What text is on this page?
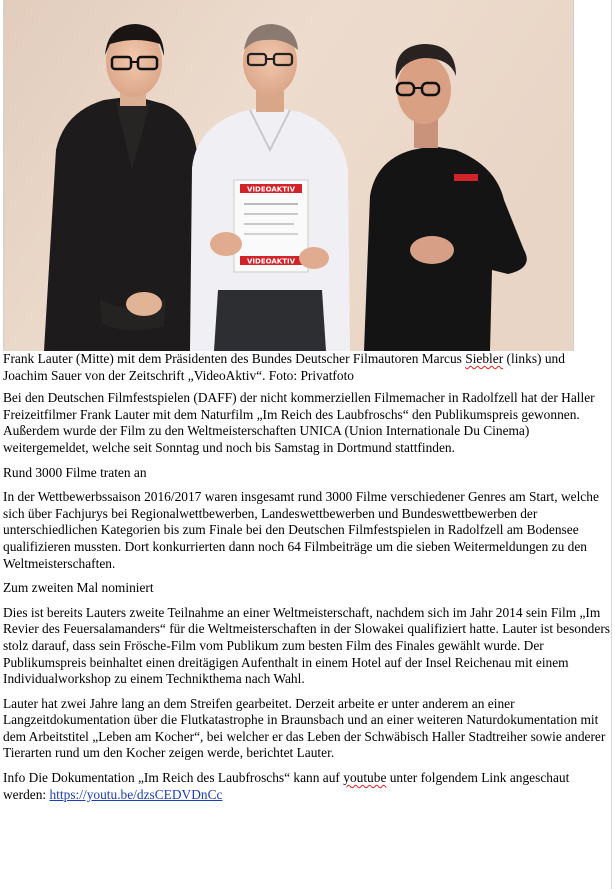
VIDEOAKTIV
VIDEOAKTIV

Frank Lauter (Mitte) mit dem Präsidenten des Bundes Deutscher Filmautoren Marcus Siebler (links) und Joachim Sauer von der Zeitschrift „VideoAktiv“. Foto: Privatfoto

Bei den Deutschen Filmfestspielen (DAFF) der nicht kommerziellen Filmemacher in Radolfzell hat der Haller Freizeitfilmer Frank Lauter mit dem Naturfilm „Im Reich des Laubfroschs“ den Publikumspreis gewonnen. Außerdem wurde der Film zu den Weltmeisterschaften UNICA (Union Internationale Du Cinema) weitergemeldet, welche seit Sonntag und noch bis Samstag in Dortmund stattfinden.

Rund 3000 Filme traten an

In der Wettbewerbssaison 2016/2017 waren insgesamt rund 3000 Filme verschiedener Genres am Start, welche sich über Fachjurys bei Regionalwettbewerben, Landeswettbewerben und Bundeswettbewerben der unterschiedlichen Kategorien bis zum Finale bei den Deutschen Filmfestspielen in Radolfzell am Bodensee qualifizieren mussten. Dort konkurrierten dann noch 64 Filmbeiträge um die sieben Weitermeldungen zu den Weltmeisterschaften.

Zum zweiten Mal nominiert

Dies ist bereits Lauters zweite Teilnahme an einer Weltmeisterschaft, nachdem sich im Jahr 2014 sein Film „Im Revier des Feuersalamanders“ für die Weltmeisterschaften in der Slowakei qualifiziert hatte. Lauter ist besonders stolz darauf, dass sein Frösche-Film vom Publikum zum besten Film des Finales gewählt wurde. Der Publikumspreis beinhaltet einen dreitägigen Aufenthalt in einem Hotel auf der Insel Reichenau mit einem Individualworkshop zu einem Technikthema nach Wahl.

Lauter hat zwei Jahre lang an dem Streifen gearbeitet. Derzeit arbeite er unter anderem an einer Langzeitdokumentation über die Flutkatastrophe in Braunsbach und an einer weiteren Naturdokumentation mit dem Arbeitstitel „Leben am Kocher“, bei welcher er das Leben der Schwäbisch Haller Stadtreiher sowie anderer Tierarten rund um den Kocher zeigen werde, berichtet Lauter.

Info Die Dokumentation „Im Reich des Laubfroschs“ kann auf youtube unter folgendem Link angeschaut werden: https://youtu.be/dzsCEDVDnCc
